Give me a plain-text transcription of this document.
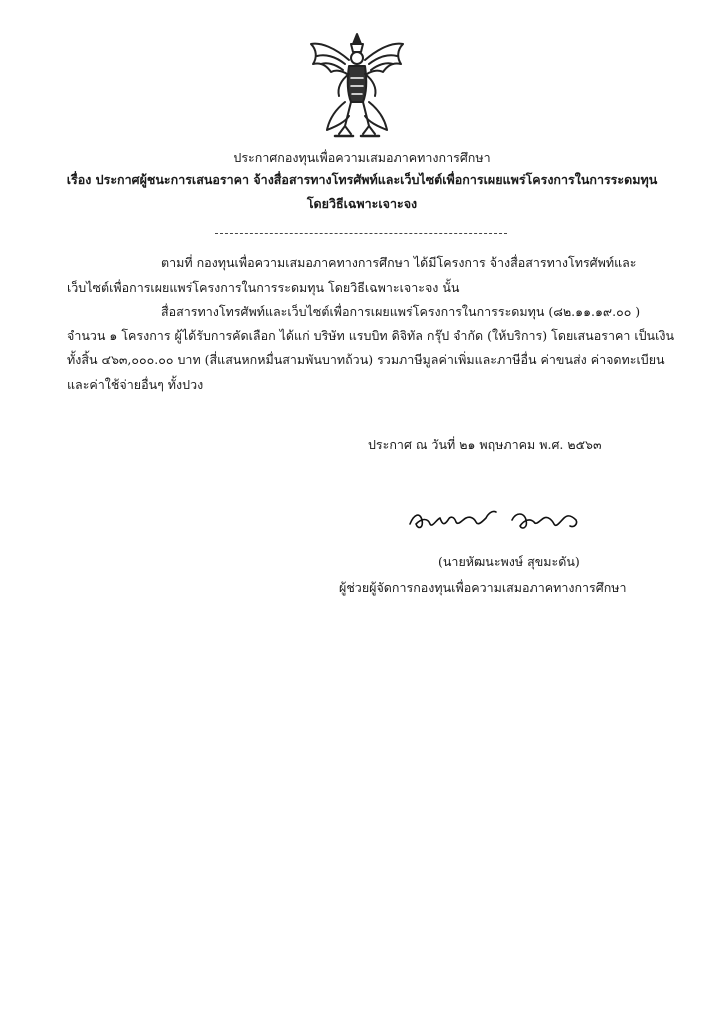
ประกาศกองทุนเพื่อความเสมอภาคทางการศึกษา
เรื่อง ประกาศผู้ชนะการเสนอราคา จ้างสื่อสารทางโทรศัพท์และเว็บไซต์เพื่อการเผยแพร่โครงการในการระดมทุน
โดยวิธีเฉพาะเจาะจง
ตามที่ กองทุนเพื่อความเสมอภาคทางการศึกษา ได้มีโครงการ จ้างสื่อสารทางโทรศัพท์และ
เว็บไซต์เพื่อการเผยแพร่โครงการในการระดมทุน โดยวิธีเฉพาะเจาะจง นั้น
สื่อสารทางโทรศัพท์และเว็บไซต์เพื่อการเผยแพร่โครงการในการระดมทุน (๘๒.๑๑.๑๙.๐๐ )
จำนวน ๑ โครงการ ผู้ได้รับการคัดเลือก ได้แก่ บริษัท แรบบิท ดิจิทัล กรุ๊ป จำกัด (ให้บริการ) โดยเสนอราคา เป็นเงิน
ทั้งสิ้น ๔๖๓,๐๐๐.๐๐ บาท (สี่แสนหกหมื่นสามพันบาทถ้วน) รวมภาษีมูลค่าเพิ่มและภาษีอื่น ค่าขนส่ง ค่าจดทะเบียน
และค่าใช้จ่ายอื่นๆ ทั้งปวง
ประกาศ ณ วันที่ ๒๑ พฤษภาคม พ.ศ. ๒๕๖๓
(นายหัฒนะพงษ์ สุขมะดัน)
ผู้ช่วยผู้จัดการกองทุนเพื่อความเสมอภาคทางการศึกษา
